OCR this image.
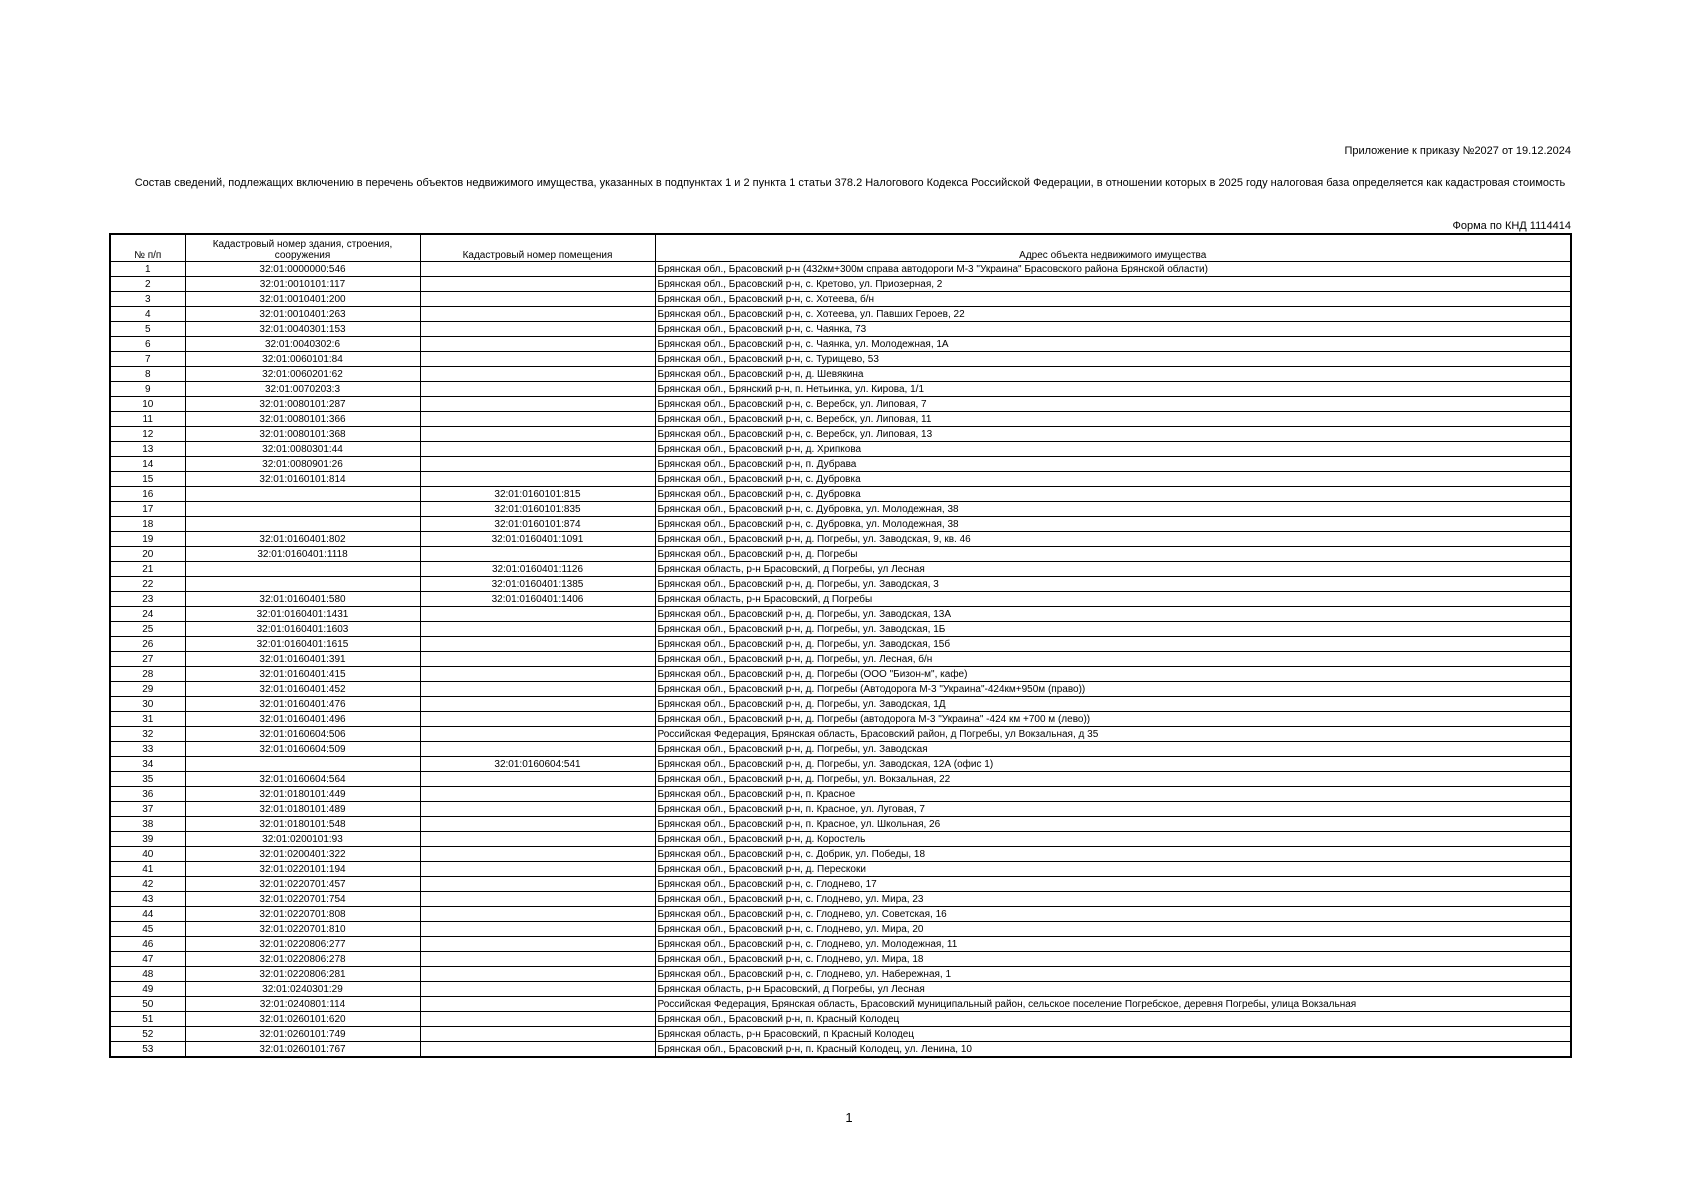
Приложение к приказу №2027 от 19.12.2024
Состав сведений, подлежащих включению в перечень объектов недвижимого имущества, указанных в подпунктах 1 и 2 пункта 1 статьи 378.2 Налогового Кодекса Российской Федерации, в отношении которых в 2025 году налоговая база определяется как кадастровая стоимость
Форма по КНД 1114414
№ п/п	Кадастровый номер здания, строения, сооружения	Кадастровый номер помещения	Адрес объекта недвижимого имущества
1	32:01:0000000:546		Брянская обл., Брасовский р-н (432км+300м справа автодороги М-3 "Украина" Брасовского района Брянской области)
2	32:01:0010101:117		Брянская обл., Брасовский р-н, с. Кретово, ул. Приозерная, 2
3	32:01:0010401:200		Брянская обл., Брасовский р-н, с. Хотеева, б/н
4	32:01:0010401:263		Брянская обл., Брасовский р-н, с. Хотеева, ул. Павших Героев, 22
5	32:01:0040301:153		Брянская обл., Брасовский р-н, с. Чаянка, 73
6	32:01:0040302:6		Брянская обл., Брасовский р-н, с. Чаянка, ул. Молодежная, 1А
7	32:01:0060101:84		Брянская обл., Брасовский р-н, с. Турищево, 53
8	32:01:0060201:62		Брянская обл., Брасовский р-н, д. Шевякина
9	32:01:0070203:3		Брянская обл., Брянский р-н, п. Нетьинка, ул. Кирова, 1/1
10	32:01:0080101:287		Брянская обл., Брасовский р-н, с. Веребск, ул. Липовая, 7
11	32:01:0080101:366		Брянская обл., Брасовский р-н, с. Веребск, ул. Липовая, 11
12	32:01:0080101:368		Брянская обл., Брасовский р-н, с. Веребск, ул. Липовая, 13
13	32:01:0080301:44		Брянская обл., Брасовский р-н, д. Хрипкова
14	32:01:0080901:26		Брянская обл., Брасовский р-н, п. Дубрава
15	32:01:0160101:814		Брянская обл., Брасовский р-н, с. Дубровка
16		32:01:0160101:815	Брянская обл., Брасовский р-н, с. Дубровка
17		32:01:0160101:835	Брянская обл., Брасовский р-н, с. Дубровка, ул. Молодежная, 38
18		32:01:0160101:874	Брянская обл., Брасовский р-н, с. Дубровка, ул. Молодежная, 38
19	32:01:0160401:802	32:01:0160401:1091	Брянская обл., Брасовский р-н, д. Погребы, ул. Заводская, 9, кв. 46
20	32:01:0160401:1118		Брянская обл., Брасовский р-н, д. Погребы
21		32:01:0160401:1126	Брянская область, р-н Брасовский, д Погребы, ул Лесная
22		32:01:0160401:1385	Брянская обл., Брасовский р-н, д. Погребы, ул. Заводская, 3
23	32:01:0160401:580	32:01:0160401:1406	Брянская область, р-н Брасовский, д Погребы
24	32:01:0160401:1431		Брянская обл., Брасовский р-н, д. Погребы, ул. Заводская, 13А
25	32:01:0160401:1603		Брянская обл., Брасовский р-н, д. Погребы, ул. Заводская, 1Б
26	32:01:0160401:1615		Брянская обл., Брасовский р-н, д. Погребы, ул. Заводская, 15б
27	32:01:0160401:391		Брянская обл., Брасовский р-н, д. Погребы, ул. Лесная, б/н
28	32:01:0160401:415		Брянская обл., Брасовский р-н, д. Погребы (ООО "Бизон-м", кафе)
29	32:01:0160401:452		Брянская обл., Брасовский р-н, д. Погребы (Автодорога М-3 "Украина"-424км+950м (право))
30	32:01:0160401:476		Брянская обл., Брасовский р-н, д. Погребы, ул. Заводская, 1Д
31	32:01:0160401:496		Брянская обл., Брасовский р-н, д. Погребы (автодорога М-3 "Украина" -424 км +700 м (лево))
32	32:01:0160604:506		Российская Федерация, Брянская область, Брасовский район, д Погребы, ул Вокзальная, д 35
33	32:01:0160604:509		Брянская обл., Брасовский р-н, д. Погребы, ул. Заводская
34		32:01:0160604:541	Брянская обл., Брасовский р-н, д. Погребы, ул. Заводская, 12А (офис 1)
35	32:01:0160604:564		Брянская обл., Брасовский р-н, д. Погребы, ул. Вокзальная, 22
36	32:01:0180101:449		Брянская обл., Брасовский р-н, п. Красное
37	32:01:0180101:489		Брянская обл., Брасовский р-н, п. Красное, ул. Луговая, 7
38	32:01:0180101:548		Брянская обл., Брасовский р-н, п. Красное, ул. Школьная, 26
39	32:01:0200101:93		Брянская обл., Брасовский р-н, д. Коростель
40	32:01:0200401:322		Брянская обл., Брасовский р-н, с. Добрик, ул. Победы, 18
41	32:01:0220101:194		Брянская обл., Брасовский р-н, д. Перескоки
42	32:01:0220701:457		Брянская обл., Брасовский р-н, с. Глоднево, 17
43	32:01:0220701:754		Брянская обл., Брасовский р-н, с. Глоднево, ул. Мира, 23
44	32:01:0220701:808		Брянская обл., Брасовский р-н, с. Глоднево, ул. Советская, 16
45	32:01:0220701:810		Брянская обл., Брасовский р-н, с. Глоднево, ул. Мира, 20
46	32:01:0220806:277		Брянская обл., Брасовский р-н, с. Глоднево, ул. Молодежная, 11
47	32:01:0220806:278		Брянская обл., Брасовский р-н, с. Глоднево, ул. Мира, 18
48	32:01:0220806:281		Брянская обл., Брасовский р-н, с. Глоднево, ул. Набережная, 1
49	32:01:0240301:29		Брянская область, р-н Брасовский, д Погребы, ул Лесная
50	32:01:0240801:114		Российская Федерация, Брянская область, Брасовский муниципальный район, сельское поселение Погребское, деревня Погребы, улица Вокзальная
51	32:01:0260101:620		Брянская обл., Брасовский р-н, п. Красный Колодец
52	32:01:0260101:749		Брянская область, р-н Брасовский, п Красный Колодец
53	32:01:0260101:767		Брянская обл., Брасовский р-н, п. Красный Колодец, ул. Ленина, 10
1
